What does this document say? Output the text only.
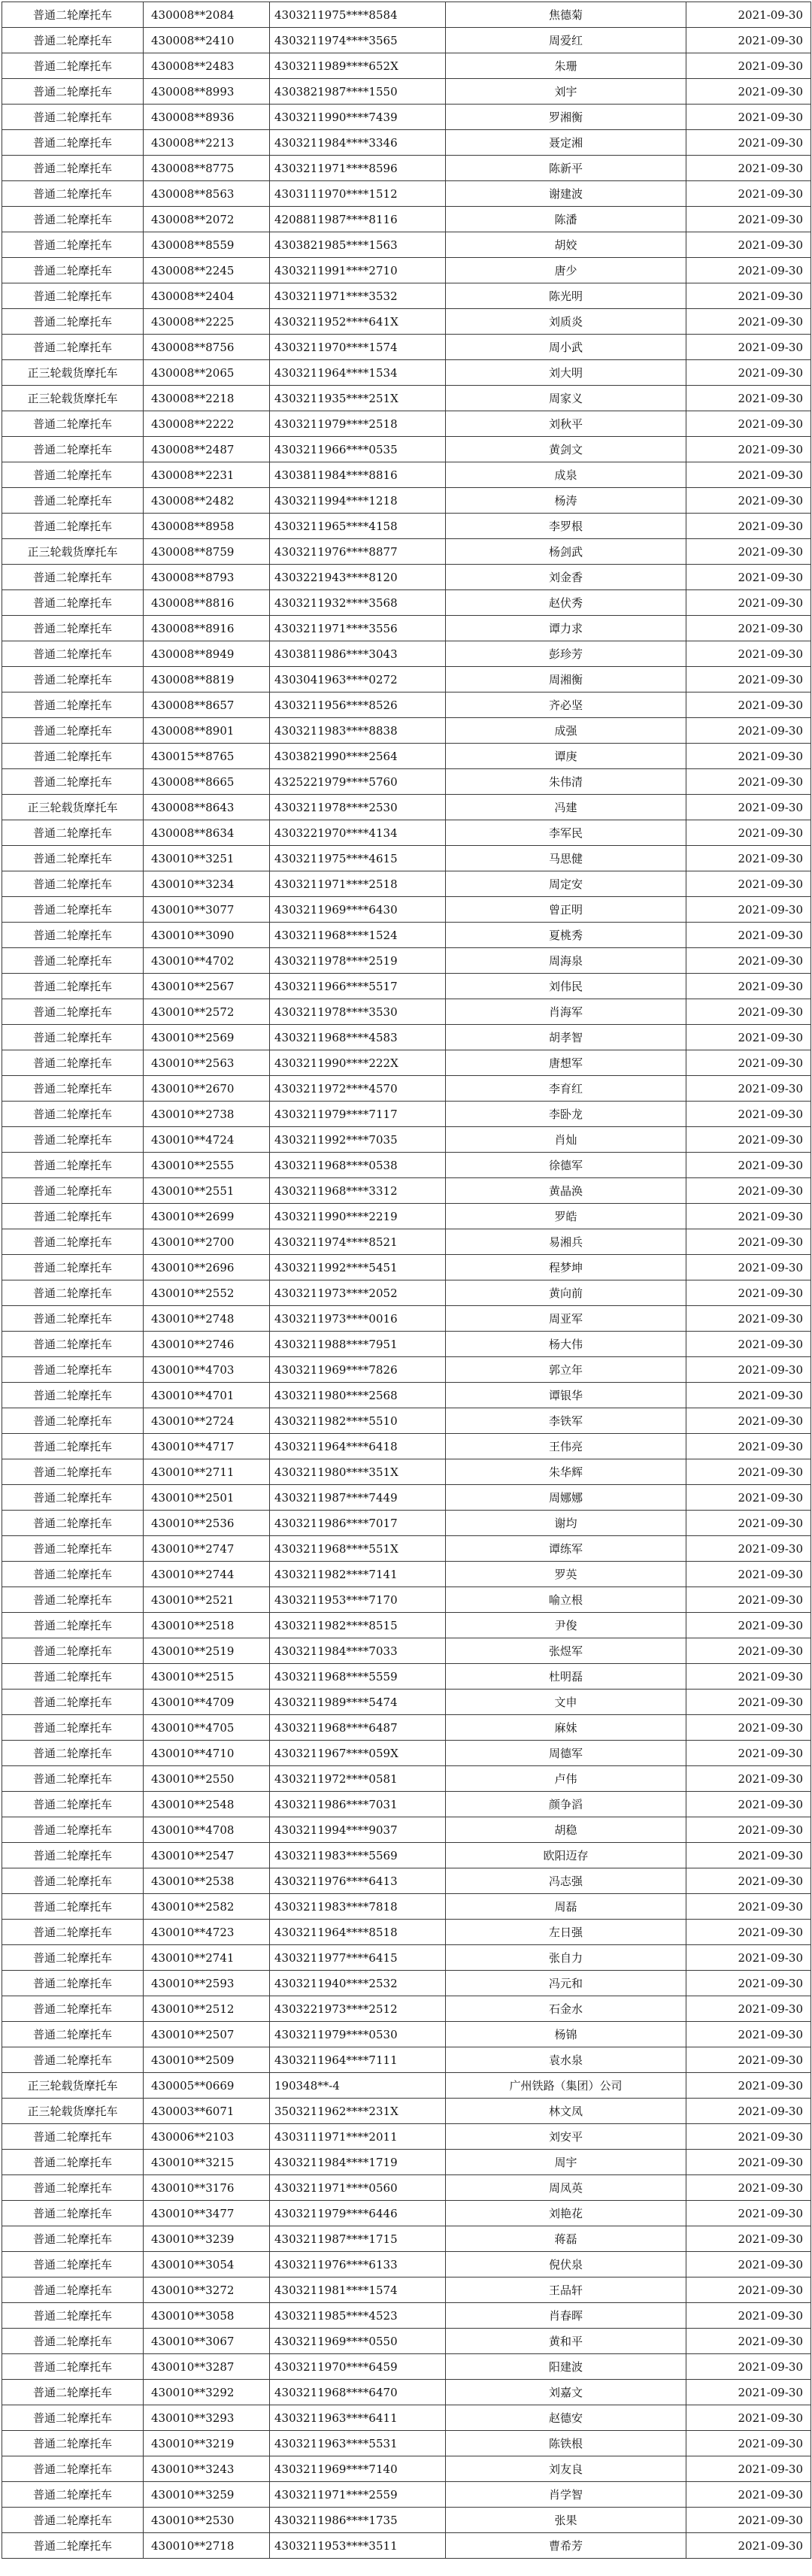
普通二轮摩托车	430008**2084	4303211975****8584	焦德菊	2021-09-30
普通二轮摩托车	430008**2410	4303211974****3565	周爱红	2021-09-30
普通二轮摩托车	430008**2483	4303211989****652X	朱珊	2021-09-30
普通二轮摩托车	430008**8993	4303821987****1550	刘宇	2021-09-30
普通二轮摩托车	430008**8936	4303211990****7439	罗湘衡	2021-09-30
普通二轮摩托车	430008**2213	4303211984****3346	聂定湘	2021-09-30
普通二轮摩托车	430008**8775	4303211971****8596	陈新平	2021-09-30
普通二轮摩托车	430008**8563	4303111970****1512	谢建波	2021-09-30
普通二轮摩托车	430008**2072	4208811987****8116	陈潘	2021-09-30
普通二轮摩托车	430008**8559	4303821985****1563	胡姣	2021-09-30
普通二轮摩托车	430008**2245	4303211991****2710	唐少	2021-09-30
普通二轮摩托车	430008**2404	4303211971****3532	陈光明	2021-09-30
普通二轮摩托车	430008**2225	4303211952****641X	刘质炎	2021-09-30
普通二轮摩托车	430008**8756	4303211970****1574	周小武	2021-09-30
正三轮载货摩托车	430008**2065	4303211964****1534	刘大明	2021-09-30
正三轮载货摩托车	430008**2218	4303211935****251X	周家义	2021-09-30
普通二轮摩托车	430008**2222	4303211979****2518	刘秋平	2021-09-30
普通二轮摩托车	430008**2487	4303211966****0535	黄剑文	2021-09-30
普通二轮摩托车	430008**2231	4303811984****8816	成泉	2021-09-30
普通二轮摩托车	430008**2482	4303211994****1218	杨涛	2021-09-30
普通二轮摩托车	430008**8958	4303211965****4158	李罗根	2021-09-30
正三轮载货摩托车	430008**8759	4303211976****8877	杨剑武	2021-09-30
普通二轮摩托车	430008**8793	4303221943****8120	刘金香	2021-09-30
普通二轮摩托车	430008**8816	4303211932****3568	赵伏秀	2021-09-30
普通二轮摩托车	430008**8916	4303211971****3556	谭力求	2021-09-30
普通二轮摩托车	430008**8949	4303811986****3043	彭珍芳	2021-09-30
普通二轮摩托车	430008**8819	4303041963****0272	周湘衡	2021-09-30
普通二轮摩托车	430008**8657	4303211956****8526	齐必坚	2021-09-30
普通二轮摩托车	430008**8901	4303211983****8838	成强	2021-09-30
普通二轮摩托车	430015**8765	4303821990****2564	谭庚	2021-09-30
普通二轮摩托车	430008**8665	4325221979****5760	朱伟清	2021-09-30
正三轮载货摩托车	430008**8643	4303211978****2530	冯建	2021-09-30
普通二轮摩托车	430008**8634	4303221970****4134	李军民	2021-09-30
普通二轮摩托车	430010**3251	4303211975****4615	马思健	2021-09-30
普通二轮摩托车	430010**3234	4303211971****2518	周定安	2021-09-30
普通二轮摩托车	430010**3077	4303211969****6430	曾正明	2021-09-30
普通二轮摩托车	430010**3090	4303211968****1524	夏桃秀	2021-09-30
普通二轮摩托车	430010**4702	4303211978****2519	周海泉	2021-09-30
普通二轮摩托车	430010**2567	4303211966****5517	刘伟民	2021-09-30
普通二轮摩托车	430010**2572	4303211978****3530	肖海军	2021-09-30
普通二轮摩托车	430010**2569	4303211968****4583	胡孝智	2021-09-30
普通二轮摩托车	430010**2563	4303211990****222X	唐想军	2021-09-30
普通二轮摩托车	430010**2670	4303211972****4570	李育红	2021-09-30
普通二轮摩托车	430010**2738	4303211979****7117	李卧龙	2021-09-30
普通二轮摩托车	430010**4724	4303211992****7035	肖灿	2021-09-30
普通二轮摩托车	430010**2555	4303211968****0538	徐德军	2021-09-30
普通二轮摩托车	430010**2551	4303211968****3312	黄晶涣	2021-09-30
普通二轮摩托车	430010**2699	4303211990****2219	罗皓	2021-09-30
普通二轮摩托车	430010**2700	4303211974****8521	易湘兵	2021-09-30
普通二轮摩托车	430010**2696	4303211992****5451	程梦坤	2021-09-30
普通二轮摩托车	430010**2552	4303211973****2052	黄向前	2021-09-30
普通二轮摩托车	430010**2748	4303211973****0016	周亚军	2021-09-30
普通二轮摩托车	430010**2746	4303211988****7951	杨大伟	2021-09-30
普通二轮摩托车	430010**4703	4303211969****7826	郭立年	2021-09-30
普通二轮摩托车	430010**4701	4303211980****2568	谭银华	2021-09-30
普通二轮摩托车	430010**2724	4303211982****5510	李铁军	2021-09-30
普通二轮摩托车	430010**4717	4303211964****6418	王伟亮	2021-09-30
普通二轮摩托车	430010**2711	4303211980****351X	朱华辉	2021-09-30
普通二轮摩托车	430010**2501	4303211987****7449	周娜娜	2021-09-30
普通二轮摩托车	430010**2536	4303211986****7017	谢均	2021-09-30
普通二轮摩托车	430010**2747	4303211968****551X	谭练军	2021-09-30
普通二轮摩托车	430010**2744	4303211982****7141	罗英	2021-09-30
普通二轮摩托车	430010**2521	4303211953****7170	喻立根	2021-09-30
普通二轮摩托车	430010**2518	4303211982****8515	尹俊	2021-09-30
普通二轮摩托车	430010**2519	4303211984****7033	张煜军	2021-09-30
普通二轮摩托车	430010**2515	4303211968****5559	杜明磊	2021-09-30
普通二轮摩托车	430010**4709	4303211989****5474	文申	2021-09-30
普通二轮摩托车	430010**4705	4303211968****6487	麻妹	2021-09-30
普通二轮摩托车	430010**4710	4303211967****059X	周德军	2021-09-30
普通二轮摩托车	430010**2550	4303211972****0581	卢伟	2021-09-30
普通二轮摩托车	430010**2548	4303211986****7031	颜争滔	2021-09-30
普通二轮摩托车	430010**4708	4303211994****9037	胡稳	2021-09-30
普通二轮摩托车	430010**2547	4303211983****5569	欧阳迈存	2021-09-30
普通二轮摩托车	430010**2538	4303211976****6413	冯志强	2021-09-30
普通二轮摩托车	430010**2582	4303211983****7818	周磊	2021-09-30
普通二轮摩托车	430010**4723	4303211964****8518	左日强	2021-09-30
普通二轮摩托车	430010**2741	4303211977****6415	张自力	2021-09-30
普通二轮摩托车	430010**2593	4303211940****2532	冯元和	2021-09-30
普通二轮摩托车	430010**2512	4303221973****2512	石金水	2021-09-30
普通二轮摩托车	430010**2507	4303211979****0530	杨锦	2021-09-30
普通二轮摩托车	430010**2509	4303211964****7111	袁水泉	2021-09-30
正三轮载货摩托车	430005**0669	190348**-4	广州铁路（集团）公司	2021-09-30
正三轮载货摩托车	430003**6071	3503211962****231X	林文凤	2021-09-30
普通二轮摩托车	430006**2103	4303111971****2011	刘安平	2021-09-30
普通二轮摩托车	430010**3215	4303211984****1719	周宇	2021-09-30
普通二轮摩托车	430010**3176	4303211971****0560	周凤英	2021-09-30
普通二轮摩托车	430010**3477	4303211979****6446	刘艳花	2021-09-30
普通二轮摩托车	430010**3239	4303211987****1715	蒋磊	2021-09-30
普通二轮摩托车	430010**3054	4303211976****6133	倪伏泉	2021-09-30
普通二轮摩托车	430010**3272	4303211981****1574	王品轩	2021-09-30
普通二轮摩托车	430010**3058	4303211985****4523	肖春晖	2021-09-30
普通二轮摩托车	430010**3067	4303211969****0550	黄和平	2021-09-30
普通二轮摩托车	430010**3287	4303211970****6459	阳建波	2021-09-30
普通二轮摩托车	430010**3292	4303211968****6470	刘嘉文	2021-09-30
普通二轮摩托车	430010**3293	4303211963****6411	赵德安	2021-09-30
普通二轮摩托车	430010**3219	4303211963****5531	陈铁根	2021-09-30
普通二轮摩托车	430010**3243	4303211969****7140	刘友良	2021-09-30
普通二轮摩托车	430010**3259	4303211971****2559	肖学智	2021-09-30
普通二轮摩托车	430010**2530	4303211986****1735	张果	2021-09-30
普通二轮摩托车	430010**2718	4303211953****3511	曹希芳	2021-09-30
